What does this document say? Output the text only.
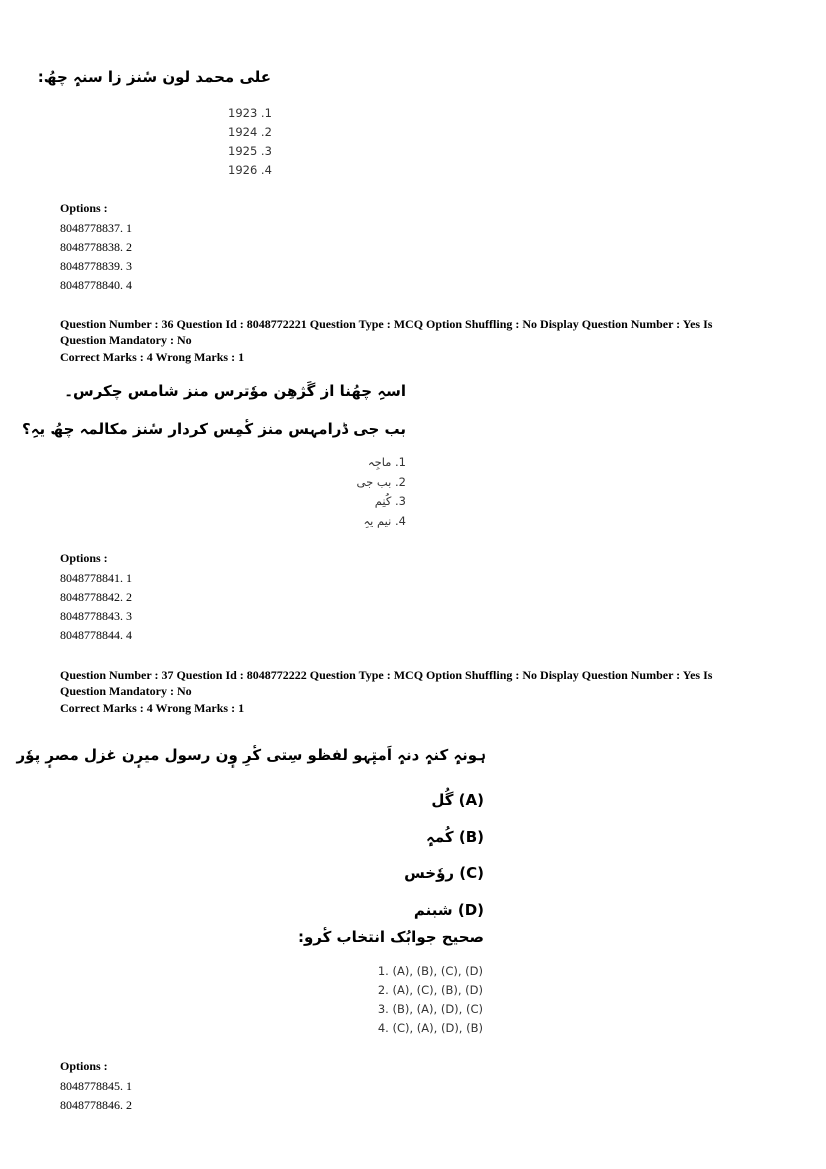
علی محمد لون سٔنز زا سنہٕ چھُ:
1923 .1
1924 .2
1925 .3
1926 .4
Options :
8048778837. 1
8048778838. 2
8048778839. 3
8048778840. 4
Question Number : 36 Question Id : 8048772221 Question Type : MCQ Option Shuffling : No Display Question Number : Yes Is
Question Mandatory : No
Correct Marks : 4 Wrong Marks : 1
اسہِ چھُنا از گَژھِن موٗترس منز شامس چکرس۔
بب جی ڈرامہس منز کٔمِس کردار سٔنز مکالمہ چھُ یہِ؟
1. ماجِہ
2. بب جی
3. کُنِم
4. نیم یہِ
Options :
8048778841. 1
8048778842. 2
8048778843. 3
8048778844. 4
Question Number : 37 Question Id : 8048772222 Question Type : MCQ Option Shuffling : No Display Question Number : Yes Is
Question Mandatory : No
Correct Marks : 4 Wrong Marks : 1
ہونہٕ کنہٕ دنہٕ اَمتٕہو لفظو سِتی کٔرِ وٕن رسول میرٕن غزل مصرٕ پوٗر
(A) گُل
(B) کُمہٕ
(C) روٗخس
(D) شبنم
صحیح جوابُک انتخاب کٔرو:
(D) ,(C) ,(B) ,(A) .1
(D) ,(B) ,(C) ,(A) .2
(C) ,(D) ,(A) ,(B) .3
(B) ,(D) ,(A) ,(C) .4
Options :
8048778845. 1
8048778846. 2
